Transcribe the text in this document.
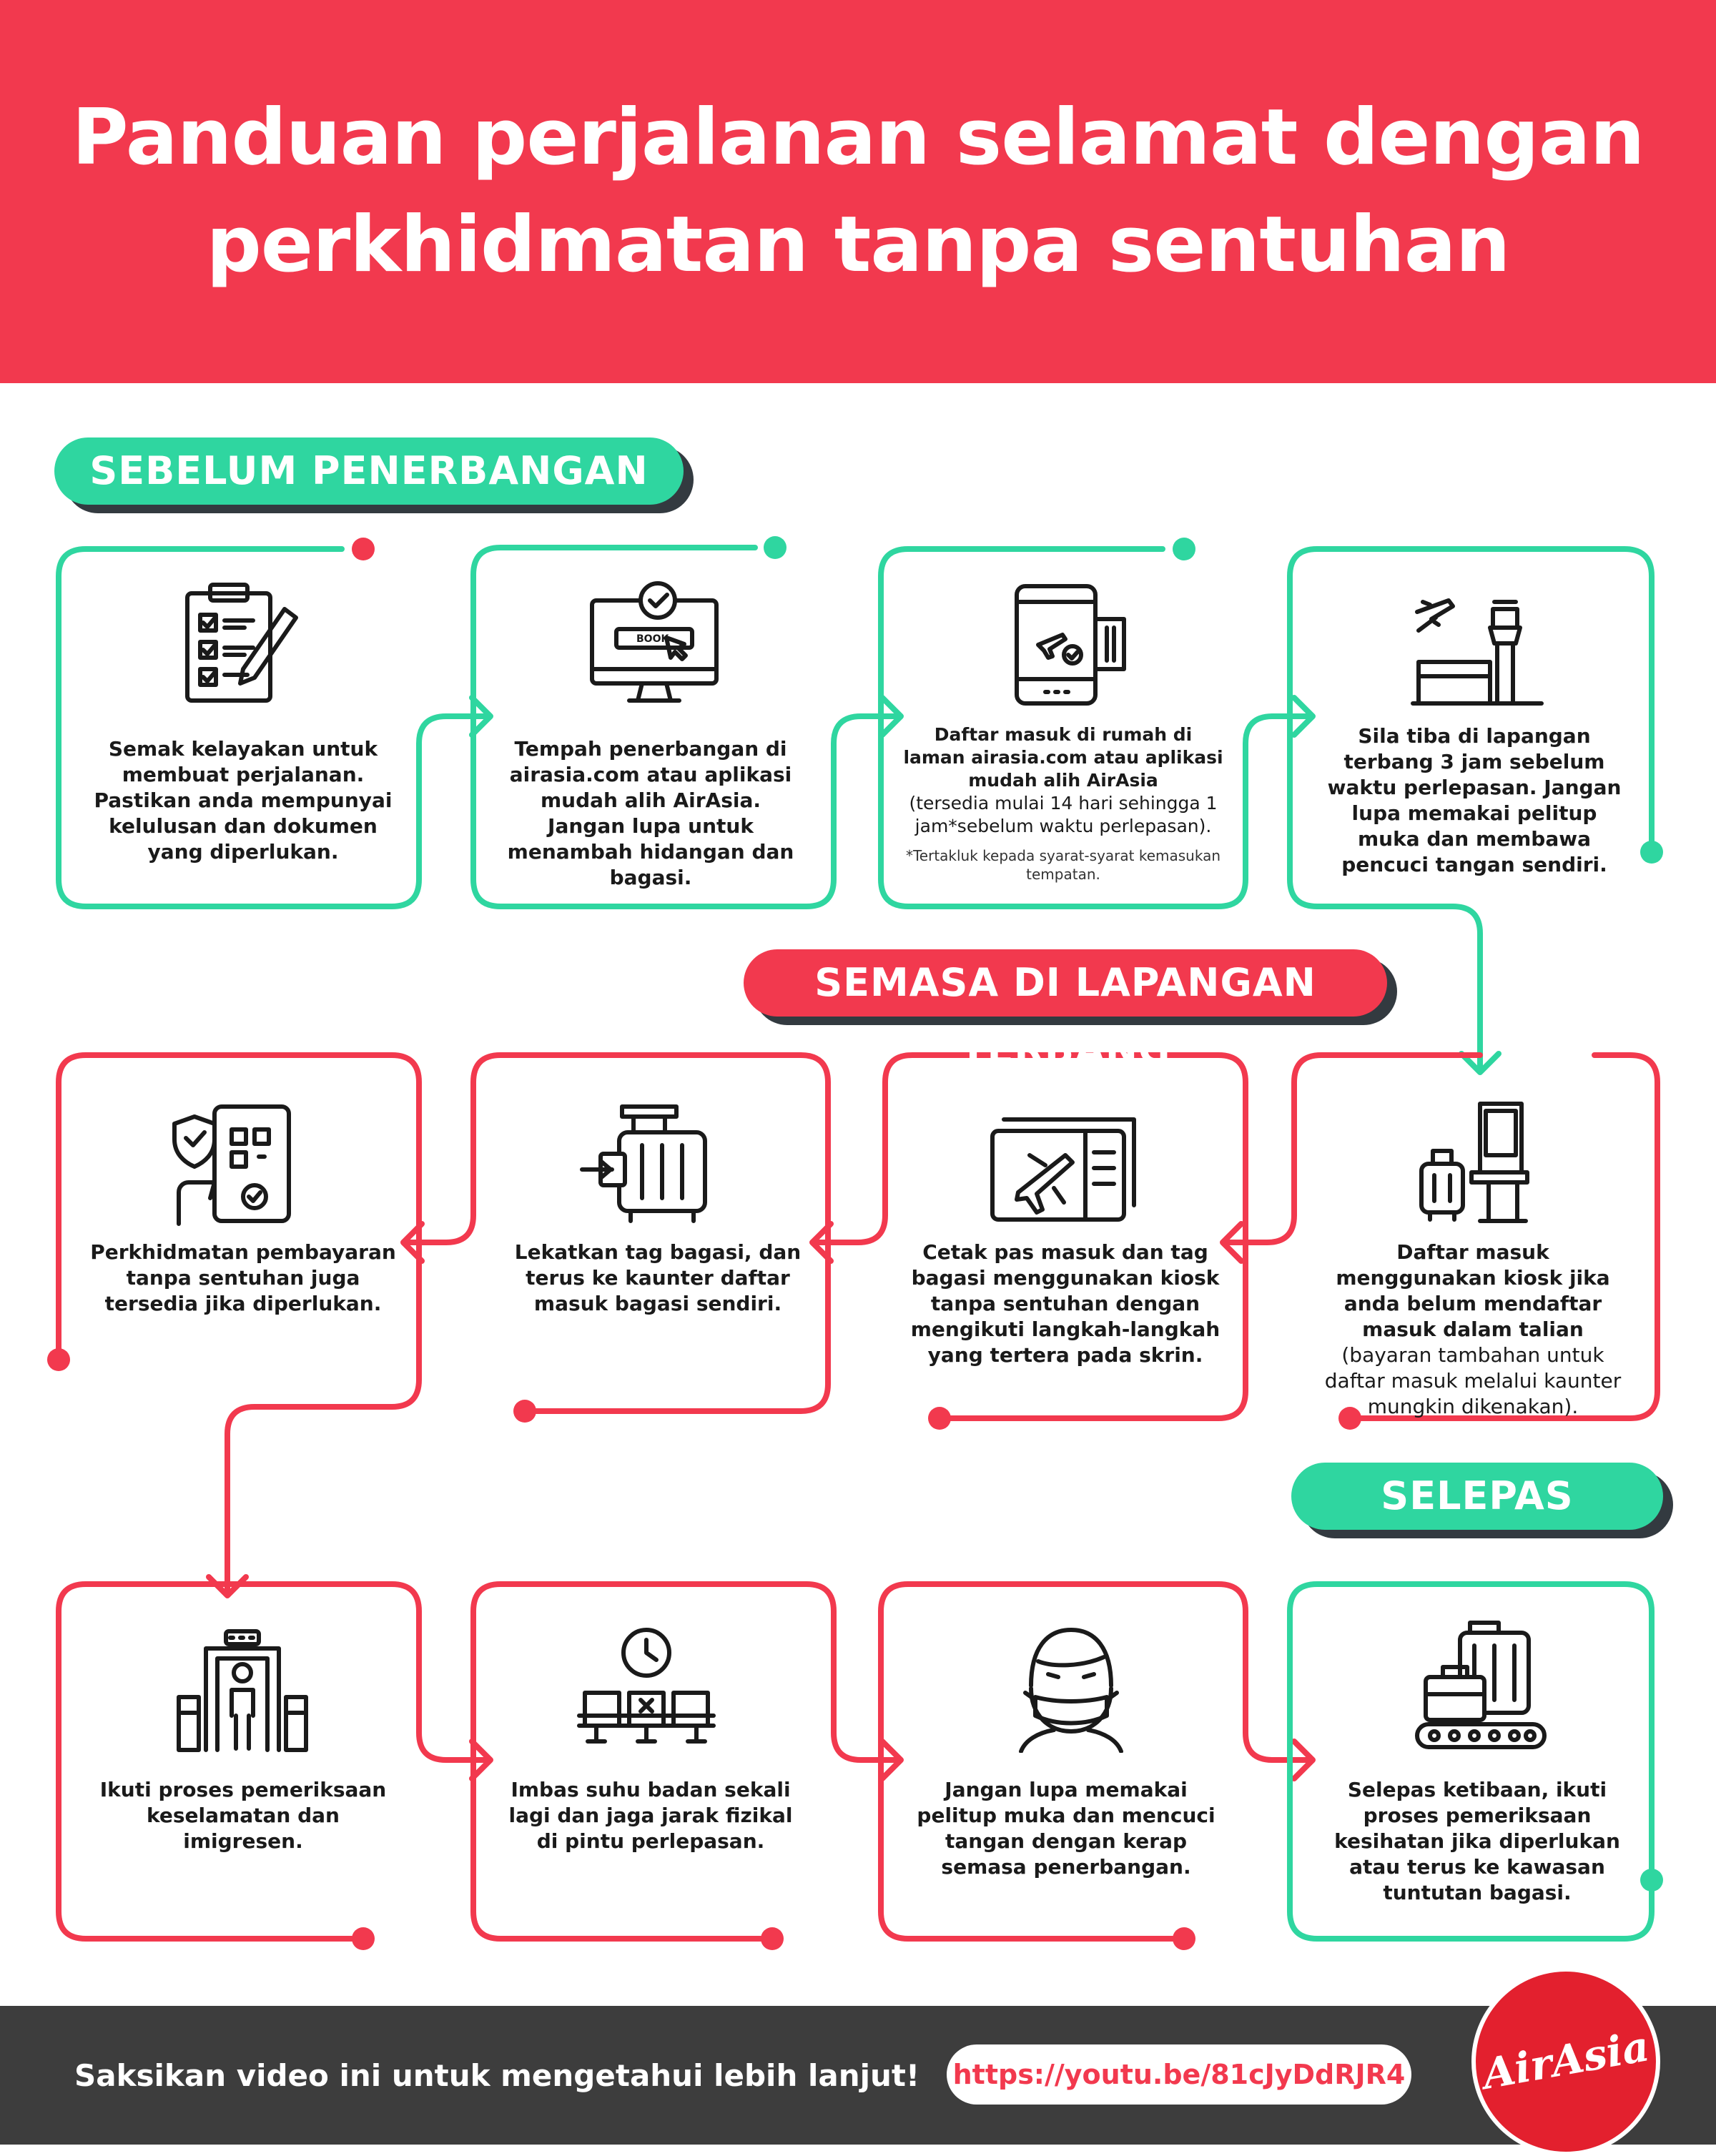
Panduan perjalanan selamat dengan
perkhidmatan tanpa sentuhan
SEBELUM PENERBANGAN
SEMASA DI LAPANGAN TERBANG
SELEPAS KETIBAAN
Semak kelayakan untuk membuat perjalanan. Pastikan anda mempunyai kelulusan dan dokumen yang diperlukan.
Tempah penerbangan di airasia.com atau aplikasi mudah alih AirAsia. Jangan lupa untuk menambah hidangan dan bagasi.
Daftar masuk di rumah di laman airasia.com atau aplikasi mudah alih AirAsia
(tersedia mulai 14 hari sehingga 1 jam*sebelum waktu perlepasan).
*Tertakluk kepada syarat-syarat kemasukan tempatan.
Sila tiba di lapangan terbang 3 jam sebelum waktu perlepasan. Jangan lupa memakai pelitup muka dan membawa pencuci tangan sendiri.
Daftar masuk menggunakan kiosk jika anda belum mendaftar masuk dalam talian (bayaran tambahan untuk daftar masuk melalui kaunter mungkin dikenakan).
Cetak pas masuk dan tag bagasi menggunakan kiosk tanpa sentuhan dengan mengikuti langkah-langkah yang tertera pada skrin.
Lekatkan tag bagasi, dan terus ke kaunter daftar masuk bagasi sendiri.
Perkhidmatan pembayaran tanpa sentuhan juga tersedia jika diperlukan.
Ikuti proses pemeriksaan keselamatan dan imigresen.
Imbas suhu badan sekali lagi dan jaga jarak fizikal di pintu perlepasan.
Jangan lupa memakai pelitup muka dan mencuci tangan dengan kerap semasa penerbangan.
Selepas ketibaan, ikuti proses pemeriksaan kesihatan jika diperlukan atau terus ke kawasan tuntutan bagasi.
BOOK
Saksikan video ini untuk mengetahui lebih lanjut!	https://youtu.be/81cJyDdRJR4 AirAsia
